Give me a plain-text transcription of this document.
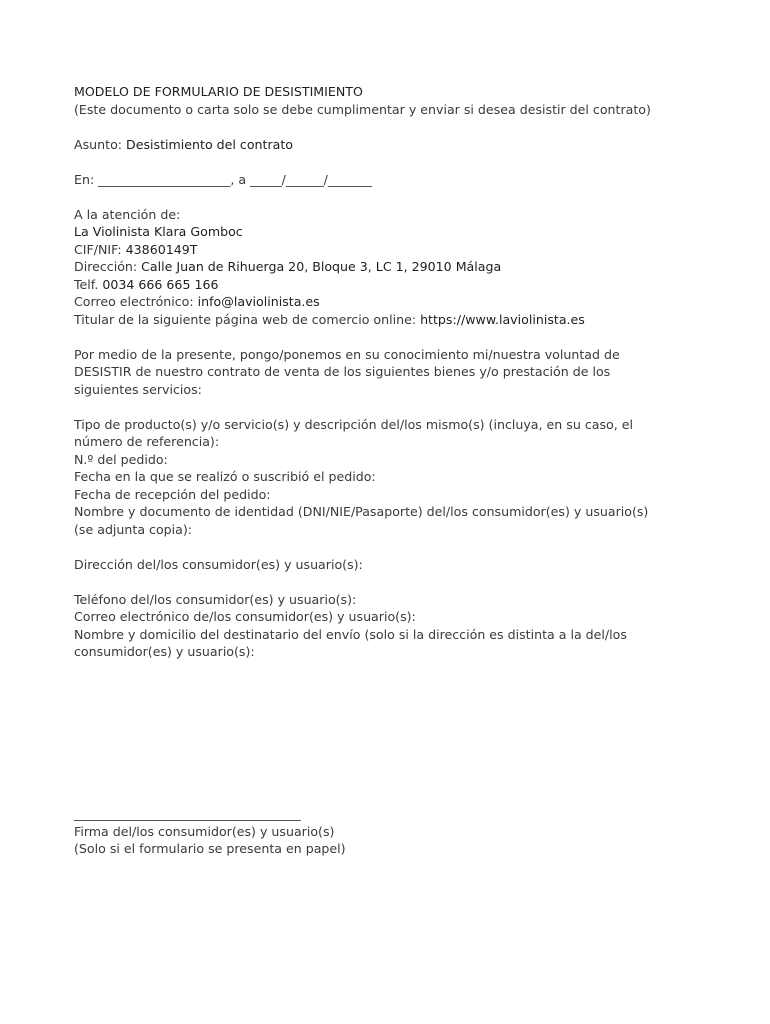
MODELO DE FORMULARIO DE DESISTIMIENTO
(Este documento o carta solo se debe cumplimentar y enviar si desea desistir del contrato)
Asunto: Desistimiento del contrato
En: _____________________, a _____/______/_______
A la atención de:
La Violinista Klara Gomboc
CIF/NIF: 43860149T
Dirección: Calle Juan de Rihuerga 20, Bloque 3, LC 1, 29010 Málaga
Telf. 0034 666 665 166
Correo electrónico: info@laviolinista.es
Titular de la siguiente página web de comercio online: https://www.laviolinista.es
Por medio de la presente, pongo/ponemos en su conocimiento mi/nuestra voluntad de
DESISTIR de nuestro contrato de venta de los siguientes bienes y/o prestación de los
siguientes servicios:
Tipo de producto(s) y/o servicio(s) y descripción del/los mismo(s) (incluya, en su caso, el
número de referencia):
N.º del pedido:
Fecha en la que se realizó o suscribió el pedido:
Fecha de recepción del pedido:
Nombre y documento de identidad (DNI/NIE/Pasaporte) del/los consumidor(es) y usuario(s)
(se adjunta copia):
Dirección del/los consumidor(es) y usuario(s):
Teléfono del/los consumidor(es) y usuario(s):
Correo electrónico de/los consumidor(es) y usuario(s):
Nombre y domicilio del destinatario del envío (solo si la dirección es distinta a la del/los
consumidor(es) y usuario(s):
____________________________________
Firma del/los consumidor(es) y usuario(s)
(Solo si el formulario se presenta en papel)
